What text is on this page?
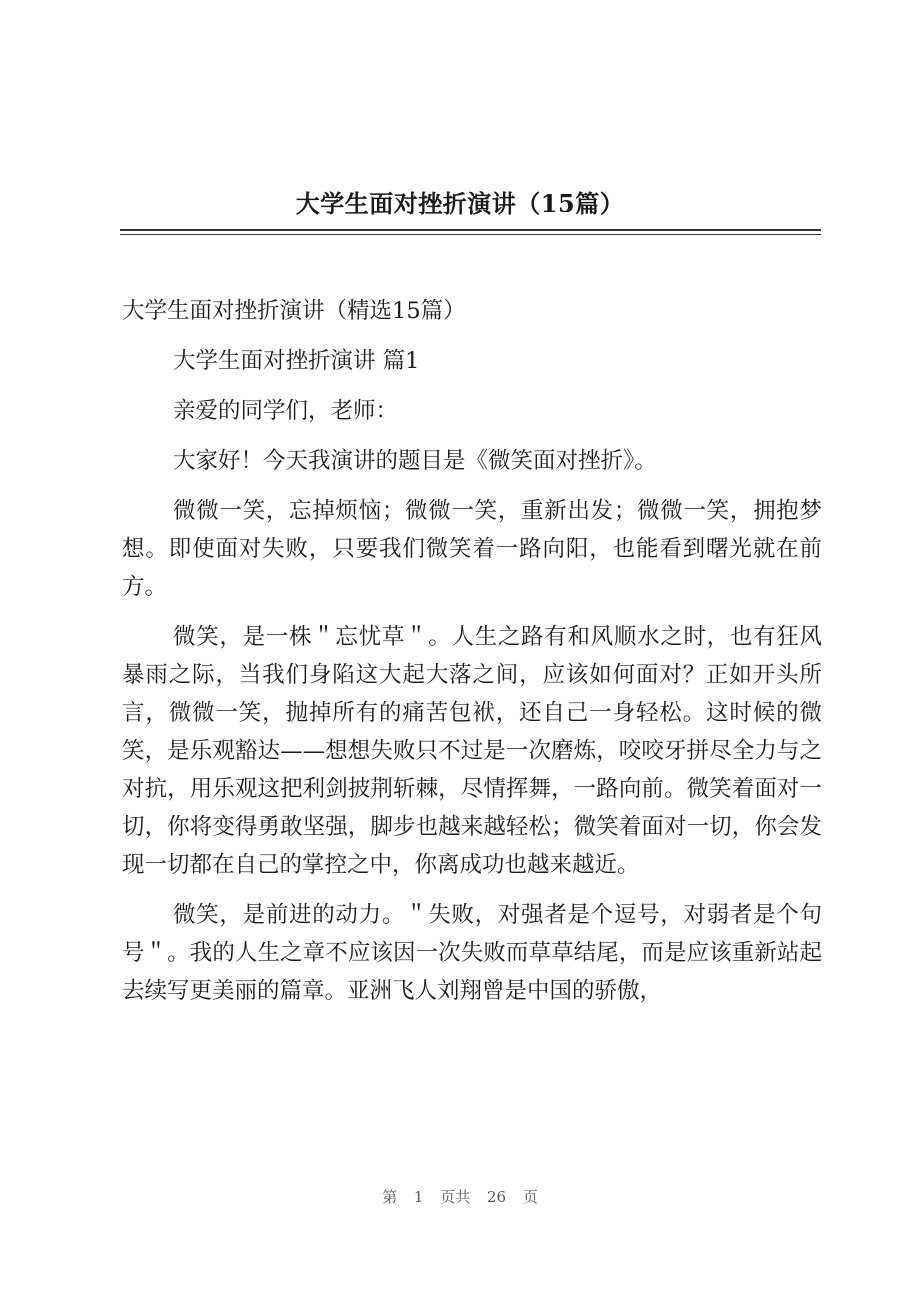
大学生面对挫折演讲（15篇）

大学生面对挫折演讲（精选15篇）

大学生面对挫折演讲 篇1

亲爱的同学们，老师：

大家好！今天我演讲的题目是《微笑面对挫折》。

微微一笑，忘掉烦恼；微微一笑，重新出发；微微一笑，拥抱梦想。即使面对失败，只要我们微笑着一路向阳，也能看到曙光就在前方。

微笑，是一株＂忘忧草＂。人生之路有和风顺水之时，也有狂风暴雨之际，当我们身陷这大起大落之间，应该如何面对？正如开头所言，微微一笑，抛掉所有的痛苦包袱，还自己一身轻松。这时候的微笑，是乐观豁达——想想失败只不过是一次磨炼，咬咬牙拼尽全力与之对抗，用乐观这把利剑披荆斩棘，尽情挥舞，一路向前。微笑着面对一切，你将变得勇敢坚强，脚步也越来越轻松；微笑着面对一切，你会发现一切都在自己的掌控之中，你离成功也越来越近。

微笑，是前进的动力。＂失败，对强者是个逗号，对弱者是个句号＂。我的人生之章不应该因一次失败而草草结尾，而是应该重新站起去续写更美丽的篇章。亚洲飞人刘翔曾是中国的骄傲，

第 1 页共 26 页
